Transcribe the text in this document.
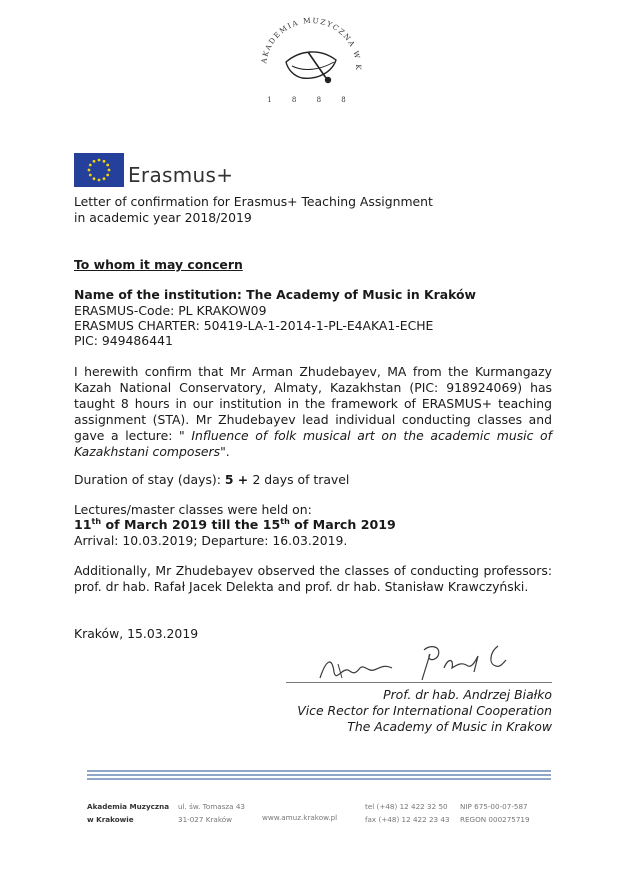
AKADEMIA MUZYCZNA W K
1 8 8 8
Erasmus+
Letter of confirmation for Erasmus+ Teaching Assignment
in academic year 2018/2019
To whom it may concern
Name of the institution: The Academy of Music in Kraków
ERASMUS-Code: PL KRAKOW09
ERASMUS CHARTER: 50419-LA-1-2014-1-PL-E4AKA1-ECHE
PIC: 949486441
I herewith confirm that Mr Arman Zhudebayev, MA from the Kurmangazy Kazah National Conservatory, Almaty, Kazakhstan (PIC: 918924069) has taught 8 hours in our institution in the framework of ERASMUS+ teaching assignment (STA). Mr Zhudebayev lead individual conducting classes and gave a lecture: " Influence of folk musical art on the academic music of Kazakhstani composers".
Duration of stay (days): 5 + 2 days of travel
Lectures/master classes were held on:
11th of March 2019 till the 15th of March 2019
Arrival: 10.03.2019; Departure: 16.03.2019.
Additionally, Mr Zhudebayev observed the classes of conducting professors: prof. dr hab. Rafał Jacek Delekta and prof. dr hab. Stanisław Krawczyński.
Kraków, 15.03.2019
Prof. dr hab. Andrzej Białko
Vice Rector for International Cooperation
The Academy of Music in Krakow
Akademia Muzyczna
w Krakowie
ul. św. Tomasza 43
31-027 Kraków	www.amuz.krakow.pl
tel (+48) 12 422 32 50
fax (+48) 12 422 23 43
NIP 675-00-07-587
REGON 000275719
